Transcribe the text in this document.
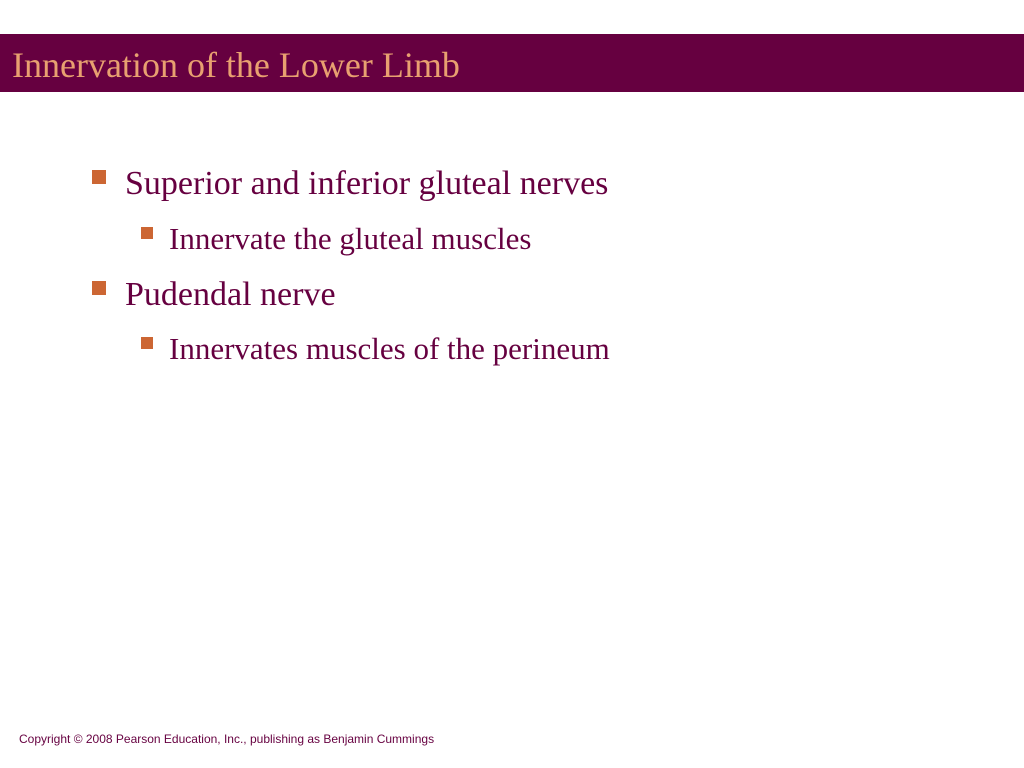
Innervation of the Lower Limb
Superior and inferior gluteal nerves
Innervate the gluteal muscles
Pudendal nerve
Innervates muscles of the perineum
Copyright © 2008 Pearson Education, Inc., publishing as Benjamin Cummings
